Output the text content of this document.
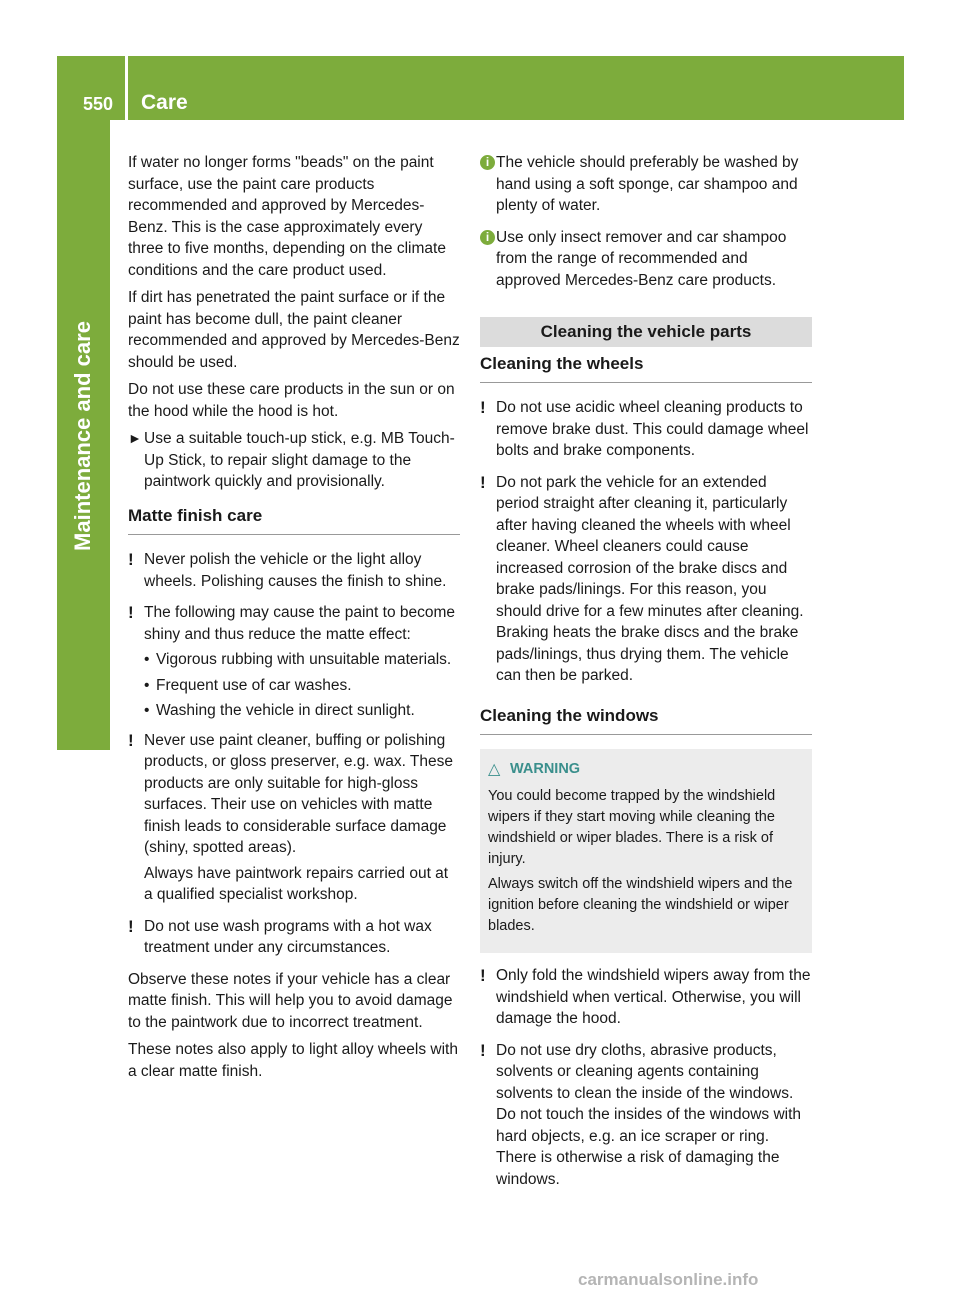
550 Care
Maintenance and care

If water no longer forms "beads" on the paint surface, use the paint care products recommended and approved by Mercedes-Benz. This is the case approximately every three to five months, depending on the climate conditions and the care product used.

If dirt has penetrated the paint surface or if the paint has become dull, the paint cleaner recommended and approved by Mercedes-Benz should be used.

Do not use these care products in the sun or on the hood while the hood is hot.

► Use a suitable touch-up stick, e.g. MB Touch-Up Stick, to repair slight damage to the paintwork quickly and provisionally.
Matte finish care
! Never polish the vehicle or the light alloy wheels. Polishing causes the finish to shine.
! The following may cause the paint to become shiny and thus reduce the matte effect:
• Vigorous rubbing with unsuitable materials.
• Frequent use of car washes.
• Washing the vehicle in direct sunlight.
! Never use paint cleaner, buffing or polishing products, or gloss preserver, e.g. wax. These products are only suitable for high-gloss surfaces. Their use on vehicles with matte finish leads to considerable surface damage (shiny, spotted areas).

Always have paintwork repairs carried out at a qualified specialist workshop.

! Do not use wash programs with a hot wax treatment under any circumstances.

Observe these notes if your vehicle has a clear matte finish. This will help you to avoid damage to the paintwork due to incorrect treatment.

These notes also apply to light alloy wheels with a clear matte finish.

i The vehicle should preferably be washed by hand using a soft sponge, car shampoo and plenty of water.
i Use only insect remover and car shampoo from the range of recommended and approved Mercedes-Benz care products.
Cleaning the vehicle parts
Cleaning the wheels
! Do not use acidic wheel cleaning products to remove brake dust. This could damage wheel bolts and brake components.
! Do not park the vehicle for an extended period straight after cleaning it, particularly after having cleaned the wheels with wheel cleaner. Wheel cleaners could cause increased corrosion of the brake discs and brake pads/linings. For this reason, you should drive for a few minutes after cleaning. Braking heats the brake discs and the brake pads/linings, thus drying them. The vehicle can then be parked.
Cleaning the windows
△ WARNING

You could become trapped by the windshield wipers if they start moving while cleaning the windshield or wiper blades. There is a risk of injury.

Always switch off the windshield wipers and the ignition before cleaning the windshield or wiper blades.

! Only fold the windshield wipers away from the windshield when vertical. Otherwise, you will damage the hood.
! Do not use dry cloths, abrasive products, solvents or cleaning agents containing solvents to clean the inside of the windows. Do not touch the insides of the windows with hard objects, e.g. an ice scraper or ring. There is otherwise a risk of damaging the windows.
carmanualsonline.info
